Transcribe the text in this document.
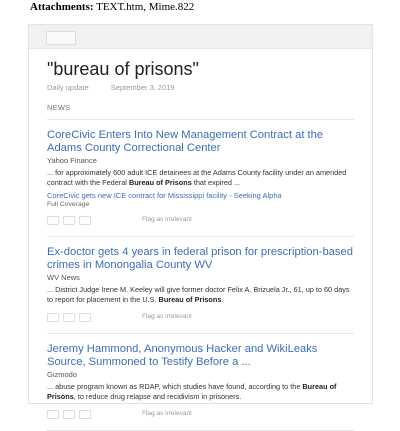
Attachments: TEXT.htm, Mime.822
"bureau of prisons"
Daily update	September 3, 2019
NEWS
CoreCivic Enters Into New Management Contract at the Adams County Correctional Center
Yahoo Finance
... for approximately 600 adult ICE detainees at the Adams County facility under an amended contract with the Federal Bureau of Prisons that expired ...
CoreCivic gets new ICE contract for Mississippi facility - Seeking Alpha
Full Coverage
Flag as irrelevant
Ex-doctor gets 4 years in federal prison for prescription-based crimes in Monongalia County WV
WV News
... District Judge Irene M. Keeley will give former doctor Felix A. Brizuela Jr., 61, up to 60 days to report for placement in the U.S. Bureau of Prisons.
Flag as irrelevant
Jeremy Hammond, Anonymous Hacker and WikiLeaks Source, Summoned to Testify Before a ...
Gizmodo
... abuse program known as RDAP, which studies have found, according to the Bureau of Prisons, to reduce drug relapse and recidivism in prisoners.
Flag as irrelevant
